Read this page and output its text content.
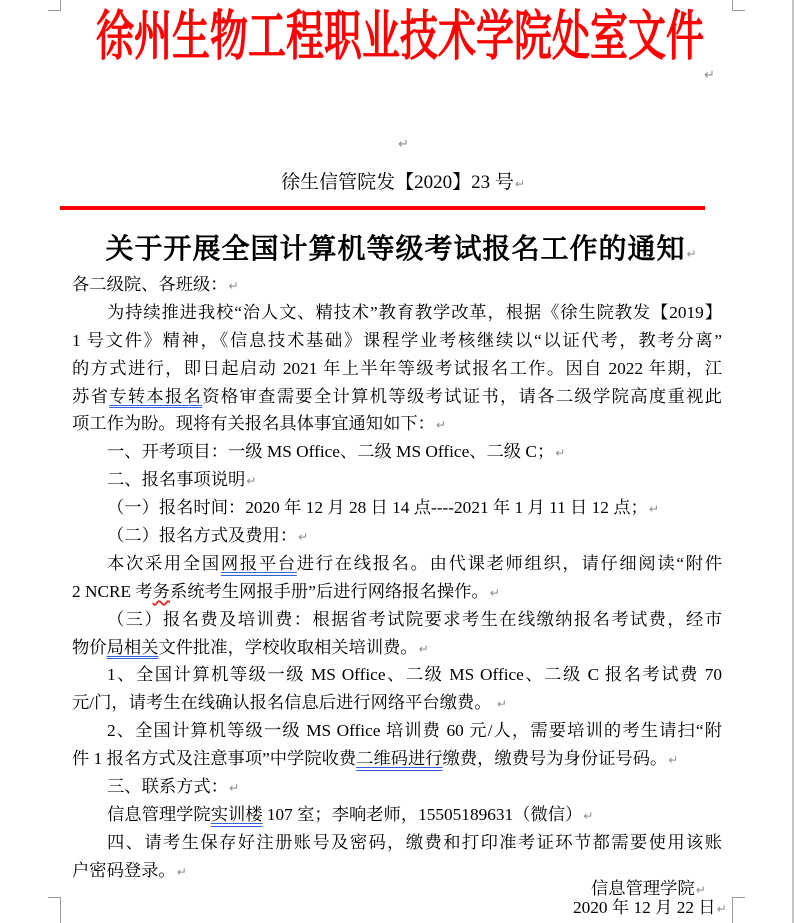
徐州生物工程职业技术学院处室文件
↵
↵
徐生信管院发【2020】23 号↵
关于开展全国计算机等级考试报名工作的通知↵
各二级院、各班级：↵
为持续推进我校“治人文、精技术”教育教学改革，根据《徐生院教发【2019】
1 号文件》精神，《信息技术基础》课程学业考核继续以“以证代考，教考分离”
的方式进行，即日起启动 2021 年上半年等级考试报名工作。因自 2022 年期，江
苏省专转本报名资格审查需要全计算机等级考试证书，请各二级学院高度重视此
项工作为盼。现将有关报名具体事宜通知如下：↵
一、开考项目：一级 MS Office、二级 MS Office、二级 C；↵
二、报名事项说明↵
（一）报名时间：2020 年 12 月 28 日 14 点----2021 年 1 月 11 日 12 点；↵
（二）报名方式及费用：↵
本次采用全国网报平台进行在线报名。由代课老师组织，请仔细阅读“附件
2 NCRE 考务系统考生网报手册”后进行网络报名操作。↵
（三）报名费及培训费：根据省考试院要求考生在线缴纳报名考试费，经市
物价局相关文件批准，学校收取相关培训费。↵
1、全国计算机等级一级 MS Office、二级 MS Office、二级 C 报名考试费 70
元/门，请考生在线确认报名信息后进行网络平台缴费。 ↵
2、全国计算机等级一级 MS Office 培训费 60 元/人，需要培训的考生请扫“附
件 1 报名方式及注意事项”中学院收费二维码进行缴费，缴费号为身份证号码。↵
三、联系方式：↵
信息管理学院实训楼 107 室；李响老师，15505189631（微信）↵
四、请考生保存好注册账号及密码，缴费和打印准考证环节都需要使用该账
户密码登录。↵
信息管理学院↵
2020 年 12 月 22 日↵
